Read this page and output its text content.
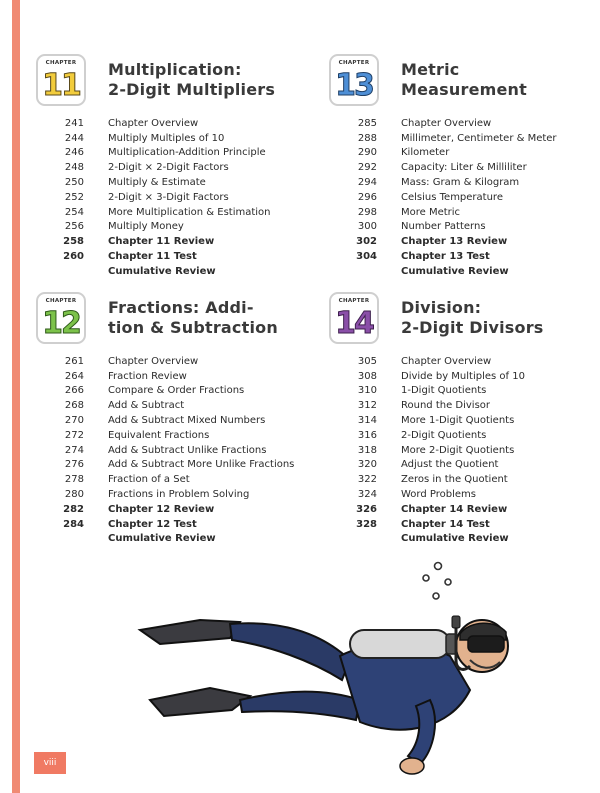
CHAPTER
11 Multiplication:
2-Digit Multipliers
241	Chapter Overview
244	Multiply Multiples of 10
246	Multiplication-Addition Principle
248	2-Digit × 2-Digit Factors
250	Multiply & Estimate
252	2-Digit × 3-Digit Factors
254	More Multiplication & Estimation
256	Multiply Money
258	Chapter 11 Review
260	Chapter 11 Test
Cumulative Review
CHAPTER
13 Metric
Measurement
285	Chapter Overview
288	Millimeter, Centimeter & Meter
290	Kilometer
292	Capacity: Liter & Milliliter
294	Mass: Gram & Kilogram
296	Celsius Temperature
298	More Metric
300	Number Patterns
302	Chapter 13 Review
304	Chapter 13 Test
Cumulative Review
CHAPTER
12 Fractions: Addi-
tion & Subtraction
261	Chapter Overview
264	Fraction Review
266	Compare & Order Fractions
268	Add & Subtract
270	Add & Subtract Mixed Numbers
272	Equivalent Fractions
274	Add & Subtract Unlike Fractions
276	Add & Subtract More Unlike Fractions
278	Fraction of a Set
280	Fractions in Problem Solving
282	Chapter 12 Review
284	Chapter 12 Test
Cumulative Review
CHAPTER
14 Division:
2-Digit Divisors
305	Chapter Overview
308	Divide by Multiples of 10
310	1-Digit Quotients
312	Round the Divisor
314	More 1-Digit Quotients
316	2-Digit Quotients
318	More 2-Digit Quotients
320	Adjust the Quotient
322	Zeros in the Quotient
324	Word Problems
326	Chapter 14 Review
328	Chapter 14 Test
Cumulative Review
viii
